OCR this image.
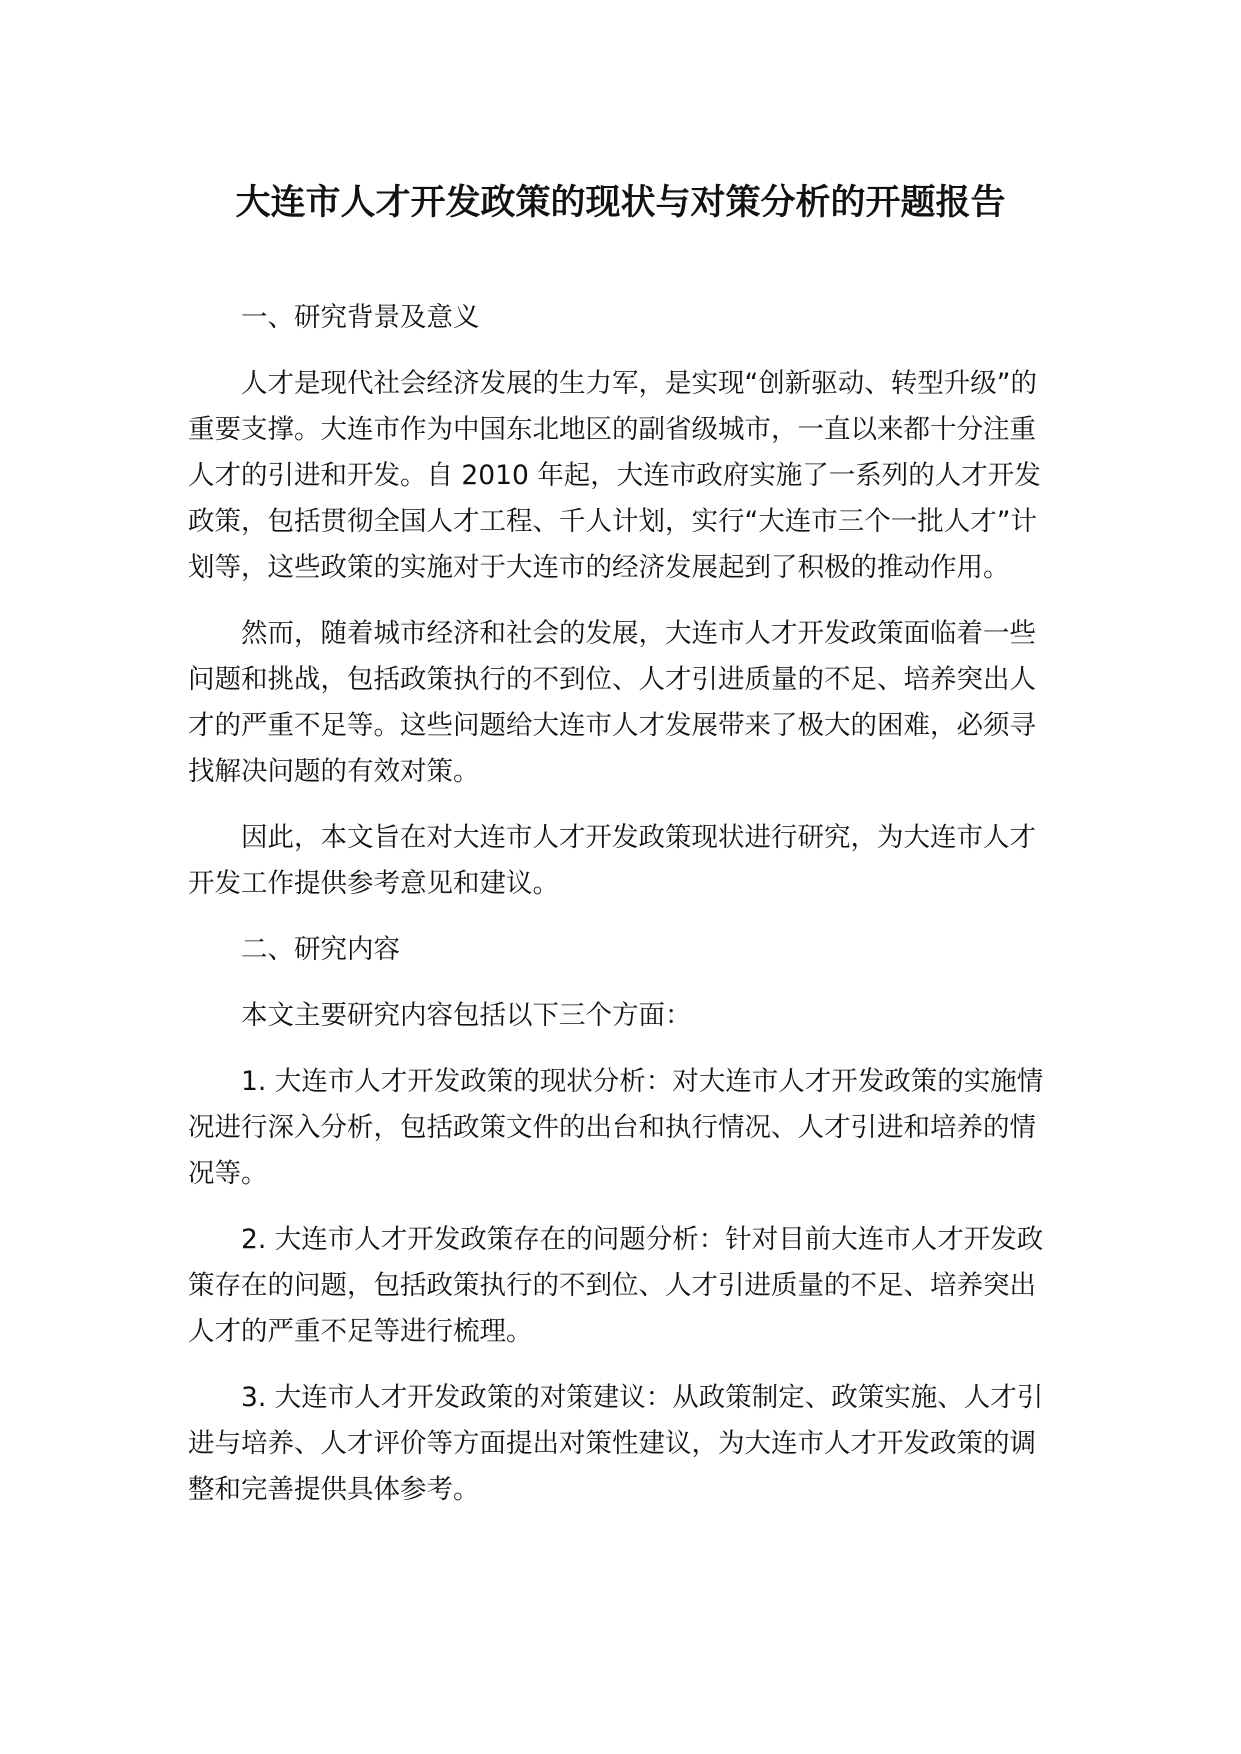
大连市人才开发政策的现状与对策分析的开题报告

一、研究背景及意义

人才是现代社会经济发展的生力军，是实现“创新驱动、转型升级”的重要支撑。大连市作为中国东北地区的副省级城市，一直以来都十分注重人才的引进和开发。自 2010 年起，大连市政府实施了一系列的人才开发政策，包括贯彻全国人才工程、千人计划，实行“大连市三个一批人才”计划等，这些政策的实施对于大连市的经济发展起到了积极的推动作用。

然而，随着城市经济和社会的发展，大连市人才开发政策面临着一些问题和挑战，包括政策执行的不到位、人才引进质量的不足、培养突出人才的严重不足等。这些问题给大连市人才发展带来了极大的困难，必须寻找解决问题的有效对策。

因此，本文旨在对大连市人才开发政策现状进行研究，为大连市人才开发工作提供参考意见和建议。

二、研究内容

本文主要研究内容包括以下三个方面：

1. 大连市人才开发政策的现状分析：对大连市人才开发政策的实施情况进行深入分析，包括政策文件的出台和执行情况、人才引进和培养的情况等。

2. 大连市人才开发政策存在的问题分析：针对目前大连市人才开发政策存在的问题，包括政策执行的不到位、人才引进质量的不足、培养突出人才的严重不足等进行梳理。

3. 大连市人才开发政策的对策建议：从政策制定、政策实施、人才引进与培养、人才评价等方面提出对策性建议，为大连市人才开发政策的调整和完善提供具体参考。
